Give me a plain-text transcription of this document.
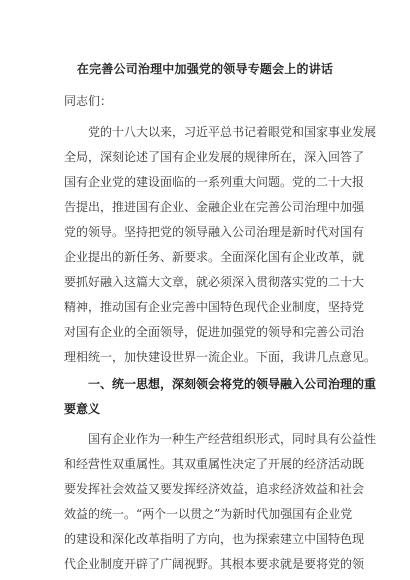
在完善公司治理中加强党的领导专题会上的讲话
同志们：
党的十八大以来，习近平总书记着眼党和国家事业发展
全局，深刻论述了国有企业发展的规律所在，深入回答了
国有企业党的建设面临的一系列重大问题。党的二十大报
告提出，推进国有企业、金融企业在完善公司治理中加强
党的领导。坚持把党的领导融入公司治理是新时代对国有
企业提出的新任务、新要求。全面深化国有企业改革，就
要抓好融入这篇大文章，就必须深入贯彻落实党的二十大
精神，推动国有企业完善中国特色现代企业制度，坚持党
对国有企业的全面领导，促进加强党的领导和完善公司治
理相统一，加快建设世界一流企业。下面，我讲几点意见。
一、统一思想，深刻领会将党的领导融入公司治理的重
要意义
国有企业作为一种生产经营组织形式，同时具有公益性
和经营性双重属性。其双重属性决定了开展的经济活动既
要发挥社会效益又要发挥经济效益，追求经济效益和社会
效益的统一。“两个一以贯之”为新时代加强国有企业党
的建设和深化改革指明了方向，也为探索建立中国特色现
代企业制度开辟了广阔视野。其根本要求就是要将党的领
